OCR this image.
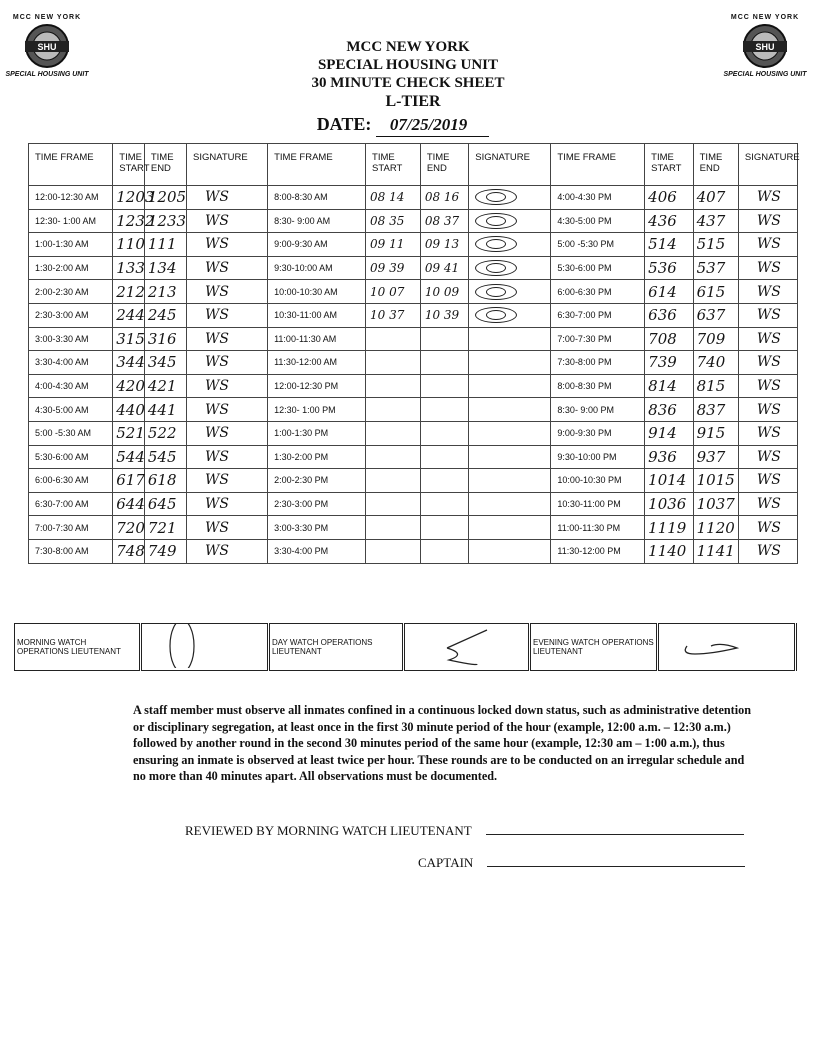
MCC NEW YORK
SHU
SPECIAL HOUSING UNIT
MCC NEW YORK
SHU
SPECIAL HOUSING UNIT
MCC NEW YORK
SPECIAL HOUSING UNIT
30 MINUTE CHECK SHEET
L-TIER
DATE: 07/25/2019
TIME FRAME	TIME START	TIME END	SIGNATURE	TIME FRAME	TIME START	TIME END	SIGNATURE	TIME FRAME	TIME START	TIME END	SIGNATURE
12:00-12:30 AM	1203	1205	WS	8:00-8:30 AM	08 14	08 16		4:00-4:30 PM	406	407	WS
12:30- 1:00 AM	1232	1233	WS	8:30- 9:00 AM	08 35	08 37		4:30-5:00 PM	436	437	WS
1:00-1:30 AM	110	111	WS	9:00-9:30 AM	09 11	09 13		5:00 -5:30 PM	514	515	WS
1:30-2:00 AM	133	134	WS	9:30-10:00 AM	09 39	09 41		5:30-6:00 PM	536	537	WS
2:00-2:30 AM	212	213	WS	10:00-10:30 AM	10 07	10 09		6:00-6:30 PM	614	615	WS
2:30-3:00 AM	244	245	WS	10:30-11:00 AM	10 37	10 39		6:30-7:00 PM	636	637	WS
3:00-3:30 AM	315	316	WS	11:00-11:30 AM				7:00-7:30 PM	708	709	WS
3:30-4:00 AM	344	345	WS	11:30-12:00 AM				7:30-8:00 PM	739	740	WS
4:00-4:30 AM	420	421	WS	12:00-12:30 PM				8:00-8:30 PM	814	815	WS
4:30-5:00 AM	440	441	WS	12:30- 1:00 PM				8:30- 9:00 PM	836	837	WS
5:00 -5:30 AM	521	522	WS	1:00-1:30 PM				9:00-9:30 PM	914	915	WS
5:30-6:00 AM	544	545	WS	1:30-2:00 PM				9:30-10:00 PM	936	937	WS
6:00-6:30 AM	617	618	WS	2:00-2:30 PM				10:00-10:30 PM	1014	1015	WS
6:30-7:00 AM	644	645	WS	2:30-3:00 PM				10:30-11:00 PM	1036	1037	WS
7:00-7:30 AM	720	721	WS	3:00-3:30 PM				11:00-11:30 PM	1119	1120	WS
7:30-8:00 AM	748	749	WS	3:30-4:00 PM				11:30-12:00 PM	1140	1141	WS
MORNING WATCH OPERATIONS LIEUTENANT		DAY WATCH OPERATIONS LIEUTENANT		EVENING WATCH OPERATIONS LIEUTENANT	
A staff member must observe all inmates confined in a continuous locked down status, such as administrative detention or disciplinary segregation, at least once in the first 30 minute period of the hour (example, 12:00 a.m. – 12:30 a.m.) followed by another round in the second 30 minutes period of the same hour (example, 12:30 am – 1:00 a.m.), thus ensuring an inmate is observed at least twice per hour. These rounds are to be conducted on an irregular schedule and no more than 40 minutes apart. All observations must be documented.
REVIEWED BY MORNING WATCH LIEUTENANT
CAPTAIN
